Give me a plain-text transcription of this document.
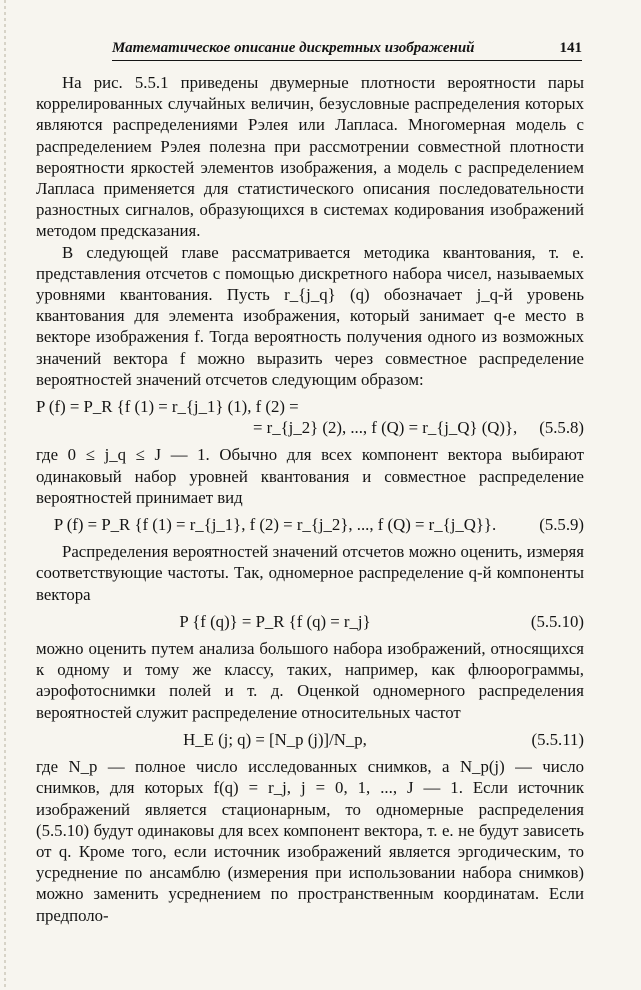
Математическое описание дискретных изображений	141

На рис. 5.5.1 приведены двумерные плотности вероятности пары коррелированных случайных величин, безусловные распределения которых являются распределениями Рэлея или Лапласа. Многомерная модель с распределением Рэлея полезна при рассмотрении совместной плотности вероятности яркостей элементов изображения, а модель с распределением Лапласа применяется для статистического описания последовательности разностных сигналов, образующихся в системах кодирования изображений методом предсказания.

В следующей главе рассматривается методика квантования, т. е. представления отсчетов с помощью дискретного набора чисел, называемых уровнями квантования. Пусть r_{j_q} (q) обозначает j_q-й уровень квантования для элемента изображения, который занимает q-е место в векторе изображения f. Тогда вероятность получения одного из возможных значений вектора f можно выразить через совместное распределение вероятностей значений отсчетов следующим образом:

P (f) = P_R {f (1) = r_{j_1} (1), f (2) =
= r_{j_2} (2), ..., f (Q) = r_{j_Q} (Q)}, (5.5.8)

где 0 ≤ j_q ≤ J — 1. Обычно для всех компонент вектора выбирают одинаковый набор уровней квантования и совместное распределение вероятностей принимает вид

P (f) = P_R {f (1) = r_{j_1}, f (2) = r_{j_2}, ..., f (Q) = r_{j_Q}}.	(5.5.9)

Распределения вероятностей значений отсчетов можно оценить, измеряя соответствующие частоты. Так, одномерное распределение q-й компоненты вектора

P {f (q)} = P_R {f (q) = r_j}	(5.5.10)

можно оценить путем анализа большого набора изображений, относящихся к одному и тому же классу, таких, например, как флюорограммы, аэрофотоснимки полей и т. д. Оценкой одномерного распределения вероятностей служит распределение относительных частот

H_E (j; q) = [N_p (j)]/N_p,	(5.5.11)

где N_p — полное число исследованных снимков, а N_p(j) — число снимков, для которых f(q) = r_j, j = 0, 1, ..., J — 1. Если источник изображений является стационарным, то одномерные распределения (5.5.10) будут одинаковы для всех компонент вектора, т. е. не будут зависеть от q. Кроме того, если источник изображений является эргодическим, то усреднение по ансамблю (измерения при использовании набора снимков) можно заменить усреднением по пространственным координатам. Если предполо-
